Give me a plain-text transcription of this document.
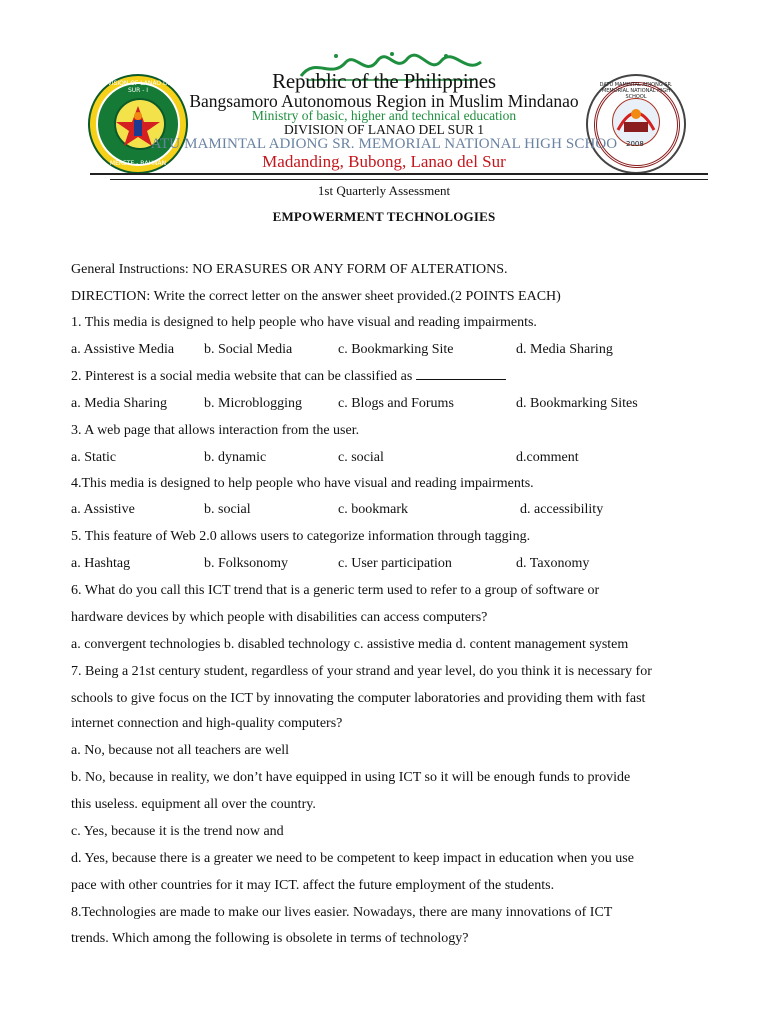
DIVISION OF LANAO DEL SUR - I
MERETE - BAHNAN
DATU MAMINTAL ADIONG SR. MEMORIAL NATIONAL HIGH SCHOOL
2008
Republic of the Philippines
Bangsamoro Autonomous Region in Muslim Mindanao
Ministry of basic, higher and technical education
DIVISION OF LANAO DEL SUR 1
ATU MAMINTAL ADIONG SR. MEMORIAL NATIONAL HIGH SCHOO
Madanding, Bubong, Lanao del Sur
1st Quarterly Assessment
EMPOWERMENT TECHNOLOGIES
General Instructions: NO ERASURES OR ANY FORM OF ALTERATIONS.
DIRECTION: Write the correct letter on the answer sheet provided.(2 POINTS EACH)
1. This media is designed to help people who have visual and reading impairments.
a. Assistive Media b. Social Media	c. Bookmarking Site	d. Media Sharing
2. Pinterest is a social media website that can be classified as
a. Media Sharing	b. Microblogging	c. Blogs and Forums	d. Bookmarking Sites
3. A web page that allows interaction from the user.
a. Static	b. dynamic	c. social	d.comment
4.This media is designed to help people who have visual and reading impairments.
a. Assistive	b. social	c. bookmark	d. accessibility
5. This feature of Web 2.0 allows users to categorize information through tagging.
a. Hashtag	b. Folksonomy	c. User participation	d. Taxonomy
6. What do you call this ICT trend that is a generic term used to refer to a group of software or
hardware devices by which people with disabilities can access computers?
a. convergent technologies b. disabled technology c. assistive media d. content management system
7. Being a 21st century student, regardless of your strand and year level, do you think it is necessary for
schools to give focus on the ICT by innovating the computer laboratories and providing them with fast
internet connection and high-quality computers?
a. No, because not all teachers are well
b. No, because in reality, we don’t have equipped in using ICT so it will be enough funds to provide
this useless. equipment all over the country.
c. Yes, because it is the trend now and
d. Yes, because there is a greater we need to be competent to keep impact in education when you use
pace with other countries for it may ICT. affect the future employment of the students.
8.Technologies are made to make our lives easier. Nowadays, there are many innovations of ICT
trends. Which among the following is obsolete in terms of technology?
